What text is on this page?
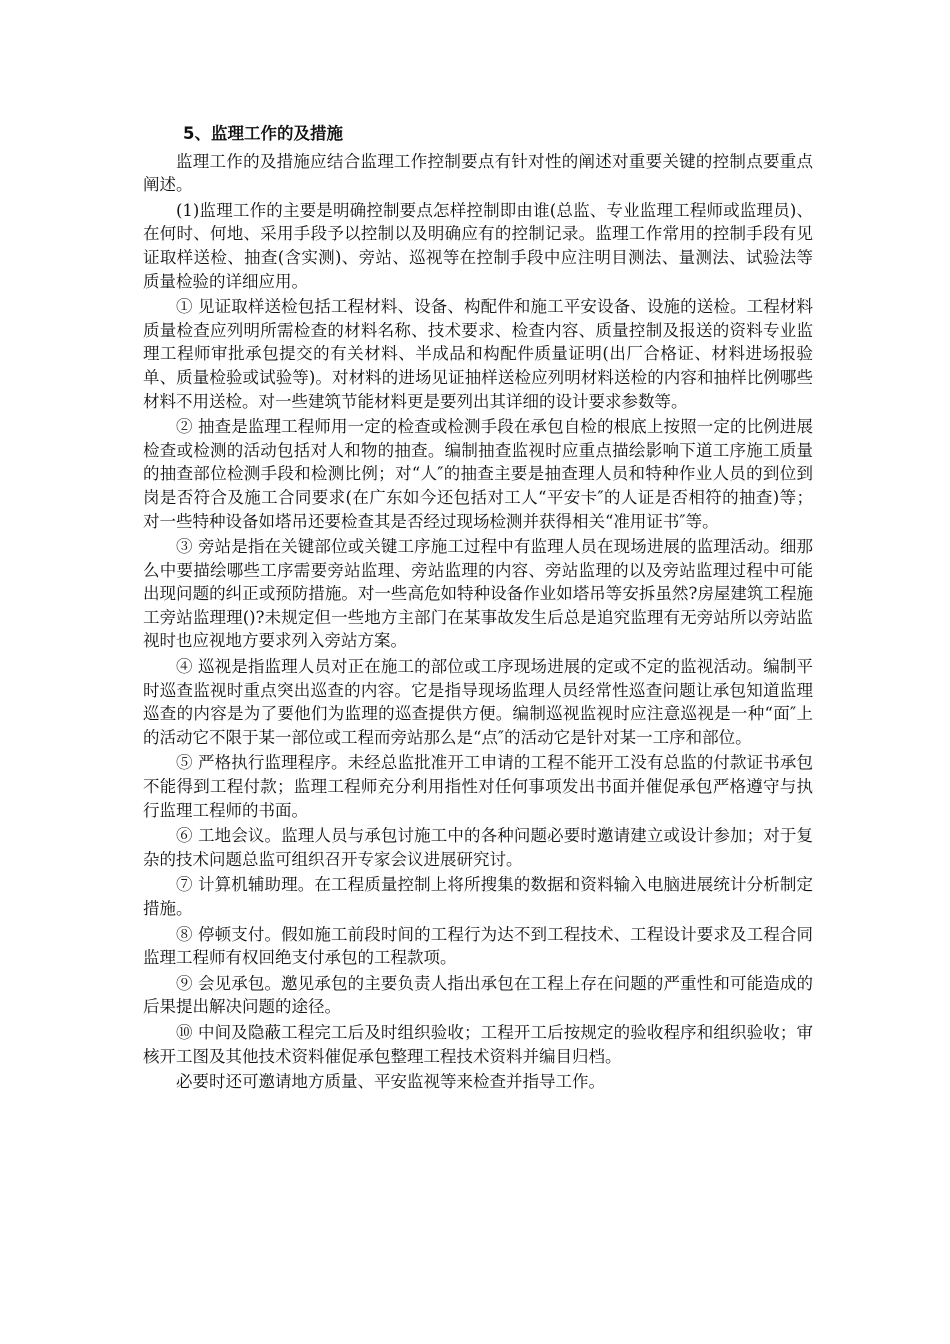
5、监理工作的及措施

监理工作的及措施应结合监理工作控制要点有针对性的阐述对重要关键的控制点要重点阐述。

(1)监理工作的主要是明确控制要点怎样控制即由谁(总监、专业监理工程师或监理员)、在何时、何地、采用手段予以控制以及明确应有的控制记录。监理工作常用的控制手段有见证取样送检、抽查(含实测)、旁站、巡视等在控制手段中应注明目测法、量测法、试验法等质量检验的详细应用。

① 见证取样送检包括工程材料、设备、构配件和施工平安设备、设施的送检。工程材料质量检查应列明所需检查的材料名称、技术要求、检查内容、质量控制及报送的资料专业监理工程师审批承包提交的有关材料、半成品和构配件质量证明(出厂合格证、材料进场报验单、质量检验或试验等)。对材料的进场见证抽样送检应列明材料送检的内容和抽样比例哪些材料不用送检。对一些建筑节能材料更是要列出其详细的设计要求参数等。

② 抽查是监理工程师用一定的检查或检测手段在承包自检的根底上按照一定的比例进展检查或检测的活动包括对人和物的抽查。编制抽查监视时应重点描绘影响下道工序施工质量的抽查部位检测手段和检测比例；对“人″的抽查主要是抽查理人员和特种作业人员的到位到岗是否符合及施工合同要求(在广东如今还包括对工人“平安卡″的人证是否相符的抽查)等；对一些特种设备如塔吊还要检查其是否经过现场检测并获得相关“准用证书″等。

③ 旁站是指在关键部位或关键工序施工过程中有监理人员在现场进展的监理活动。细那么中要描绘哪些工序需要旁站监理、旁站监理的内容、旁站监理的以及旁站监理过程中可能出现问题的纠正或预防措施。对一些高危如特种设备作业如塔吊等安拆虽然?房屋建筑工程施工旁站监理理()?未规定但一些地方主部门在某事故发生后总是追究监理有无旁站所以旁站监视时也应视地方要求列入旁站方案。

④ 巡视是指监理人员对正在施工的部位或工序现场进展的定或不定的监视活动。编制平时巡查监视时重点突出巡查的内容。它是指导现场监理人员经常性巡查问题让承包知道监理巡查的内容是为了要他们为监理的巡查提供方便。编制巡视监视时应注意巡视是一种“面″上的活动它不限于某一部位或工程而旁站那么是“点″的活动它是针对某一工序和部位。

⑤ 严格执行监理程序。未经总监批准开工申请的工程不能开工没有总监的付款证书承包不能得到工程付款；监理工程师充分利用指性对任何事项发出书面并催促承包严格遵守与执行监理工程师的书面。

⑥ 工地会议。监理人员与承包讨施工中的各种问题必要时邀请建立或设计参加；对于复杂的技术问题总监可组织召开专家会议进展研究讨。

⑦ 计算机辅助理。在工程质量控制上将所搜集的数据和资料输入电脑进展统计分析制定措施。

⑧ 停顿支付。假如施工前段时间的工程行为达不到工程技术、工程设计要求及工程合同监理工程师有权回绝支付承包的工程款项。

⑨ 会见承包。邀见承包的主要负责人指出承包在工程上存在问题的严重性和可能造成的后果提出解决问题的途径。

⑩ 中间及隐蔽工程完工后及时组织验收；工程开工后按规定的验收程序和组织验收；审核开工图及其他技术资料催促承包整理工程技术资料并编目归档。

必要时还可邀请地方质量、平安监视等来检查并指导工作。
